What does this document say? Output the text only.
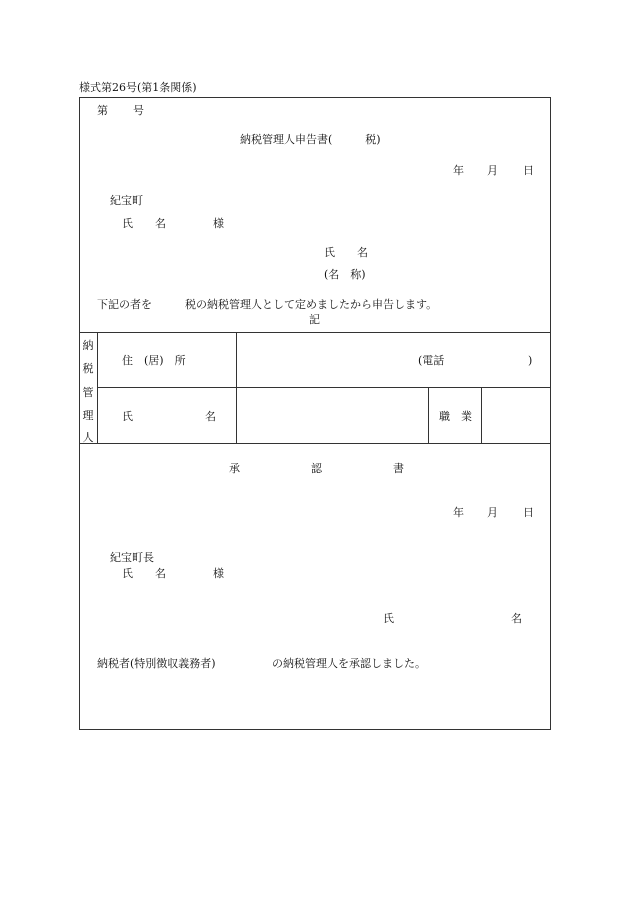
様式第26号(第1条関係)
第 号
納税管理人申告書(　　　税)
年 月 日
紀宝町
氏 名	様
氏　　名
(名　称)
下記の者を　　　税の納税管理人として定めましたから申告します。
記
納
税
管
理
人
住　(居)　所	(電話	)
氏	名	職　業
承	認	書
年 月 日
紀宝町長
氏 名	様
氏	名
納税者(特別徴収義務者)	の納税管理人を承認しました。
